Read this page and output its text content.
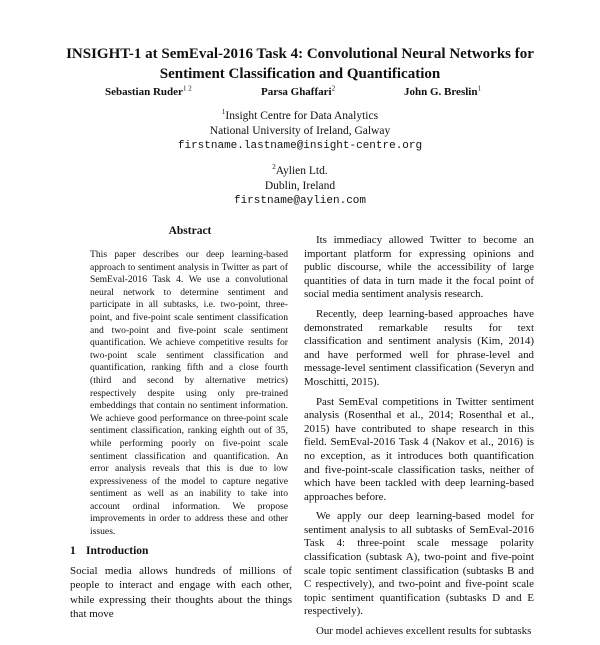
INSIGHT-1 at SemEval-2016 Task 4: Convolutional Neural Networks for Sentiment Classification and Quantification
Sebastian Ruder$^{1 2}$	Parsa Ghaffari$^2$	John G. Breslin$^1$
$^1$Insight Centre for Data Analytics
National University of Ireland, Galway
firstname.lastname@insight-centre.org
$^2$Aylien Ltd.
Dublin, Ireland
firstname@aylien.com
Abstract
This paper describes our deep learning-based approach to sentiment analysis in Twitter as part of SemEval-2016 Task 4. We use a convolutional neural network to determine sentiment and participate in all subtasks, i.e. two-point, three-point, and five-point scale sentiment classification and two-point and five-point scale sentiment quantification. We achieve competitive results for two-point scale sentiment classification and quantification, ranking fifth and a close fourth (third and second by alternative metrics) respectively despite using only pre-trained embeddings that contain no sentiment information. We achieve good performance on three-point scale sentiment classification, ranking eighth out of 35, while performing poorly on five-point scale sentiment classification and quantification. An error analysis reveals that this is due to low expressiveness of the model to capture negative sentiment as well as an inability to take into account ordinal information. We propose improvements in order to address these and other issues.
1 Introduction
Social media allows hundreds of millions of people to interact and engage with each other, while expressing their thoughts about the things that move

Its immediacy allowed Twitter to become an important platform for expressing opinions and public discourse, while the accessibility of large quantities of data in turn made it the focal point of social media sentiment analysis research.

Recently, deep learning-based approaches have demonstrated remarkable results for text classification and sentiment analysis (Kim, 2014) and have performed well for phrase-level and message-level sentiment classification (Severyn and Moschitti, 2015).

Past SemEval competitions in Twitter sentiment analysis (Rosenthal et al., 2014; Rosenthal et al., 2015) have contributed to shape research in this field. SemEval-2016 Task 4 (Nakov et al., 2016) is no exception, as it introduces both quantification and five-point-scale classification tasks, neither of which have been tackled with deep learning-based approaches before.

We apply our deep learning-based model for sentiment analysis to all subtasks of SemEval-2016 Task 4: three-point scale message polarity classification (subtask A), two-point and five-point scale topic sentiment classification (subtasks B and C respectively), and two-point and five-point scale topic sentiment quantification (subtasks D and E respectively).

Our model achieves excellent results for subtasks
